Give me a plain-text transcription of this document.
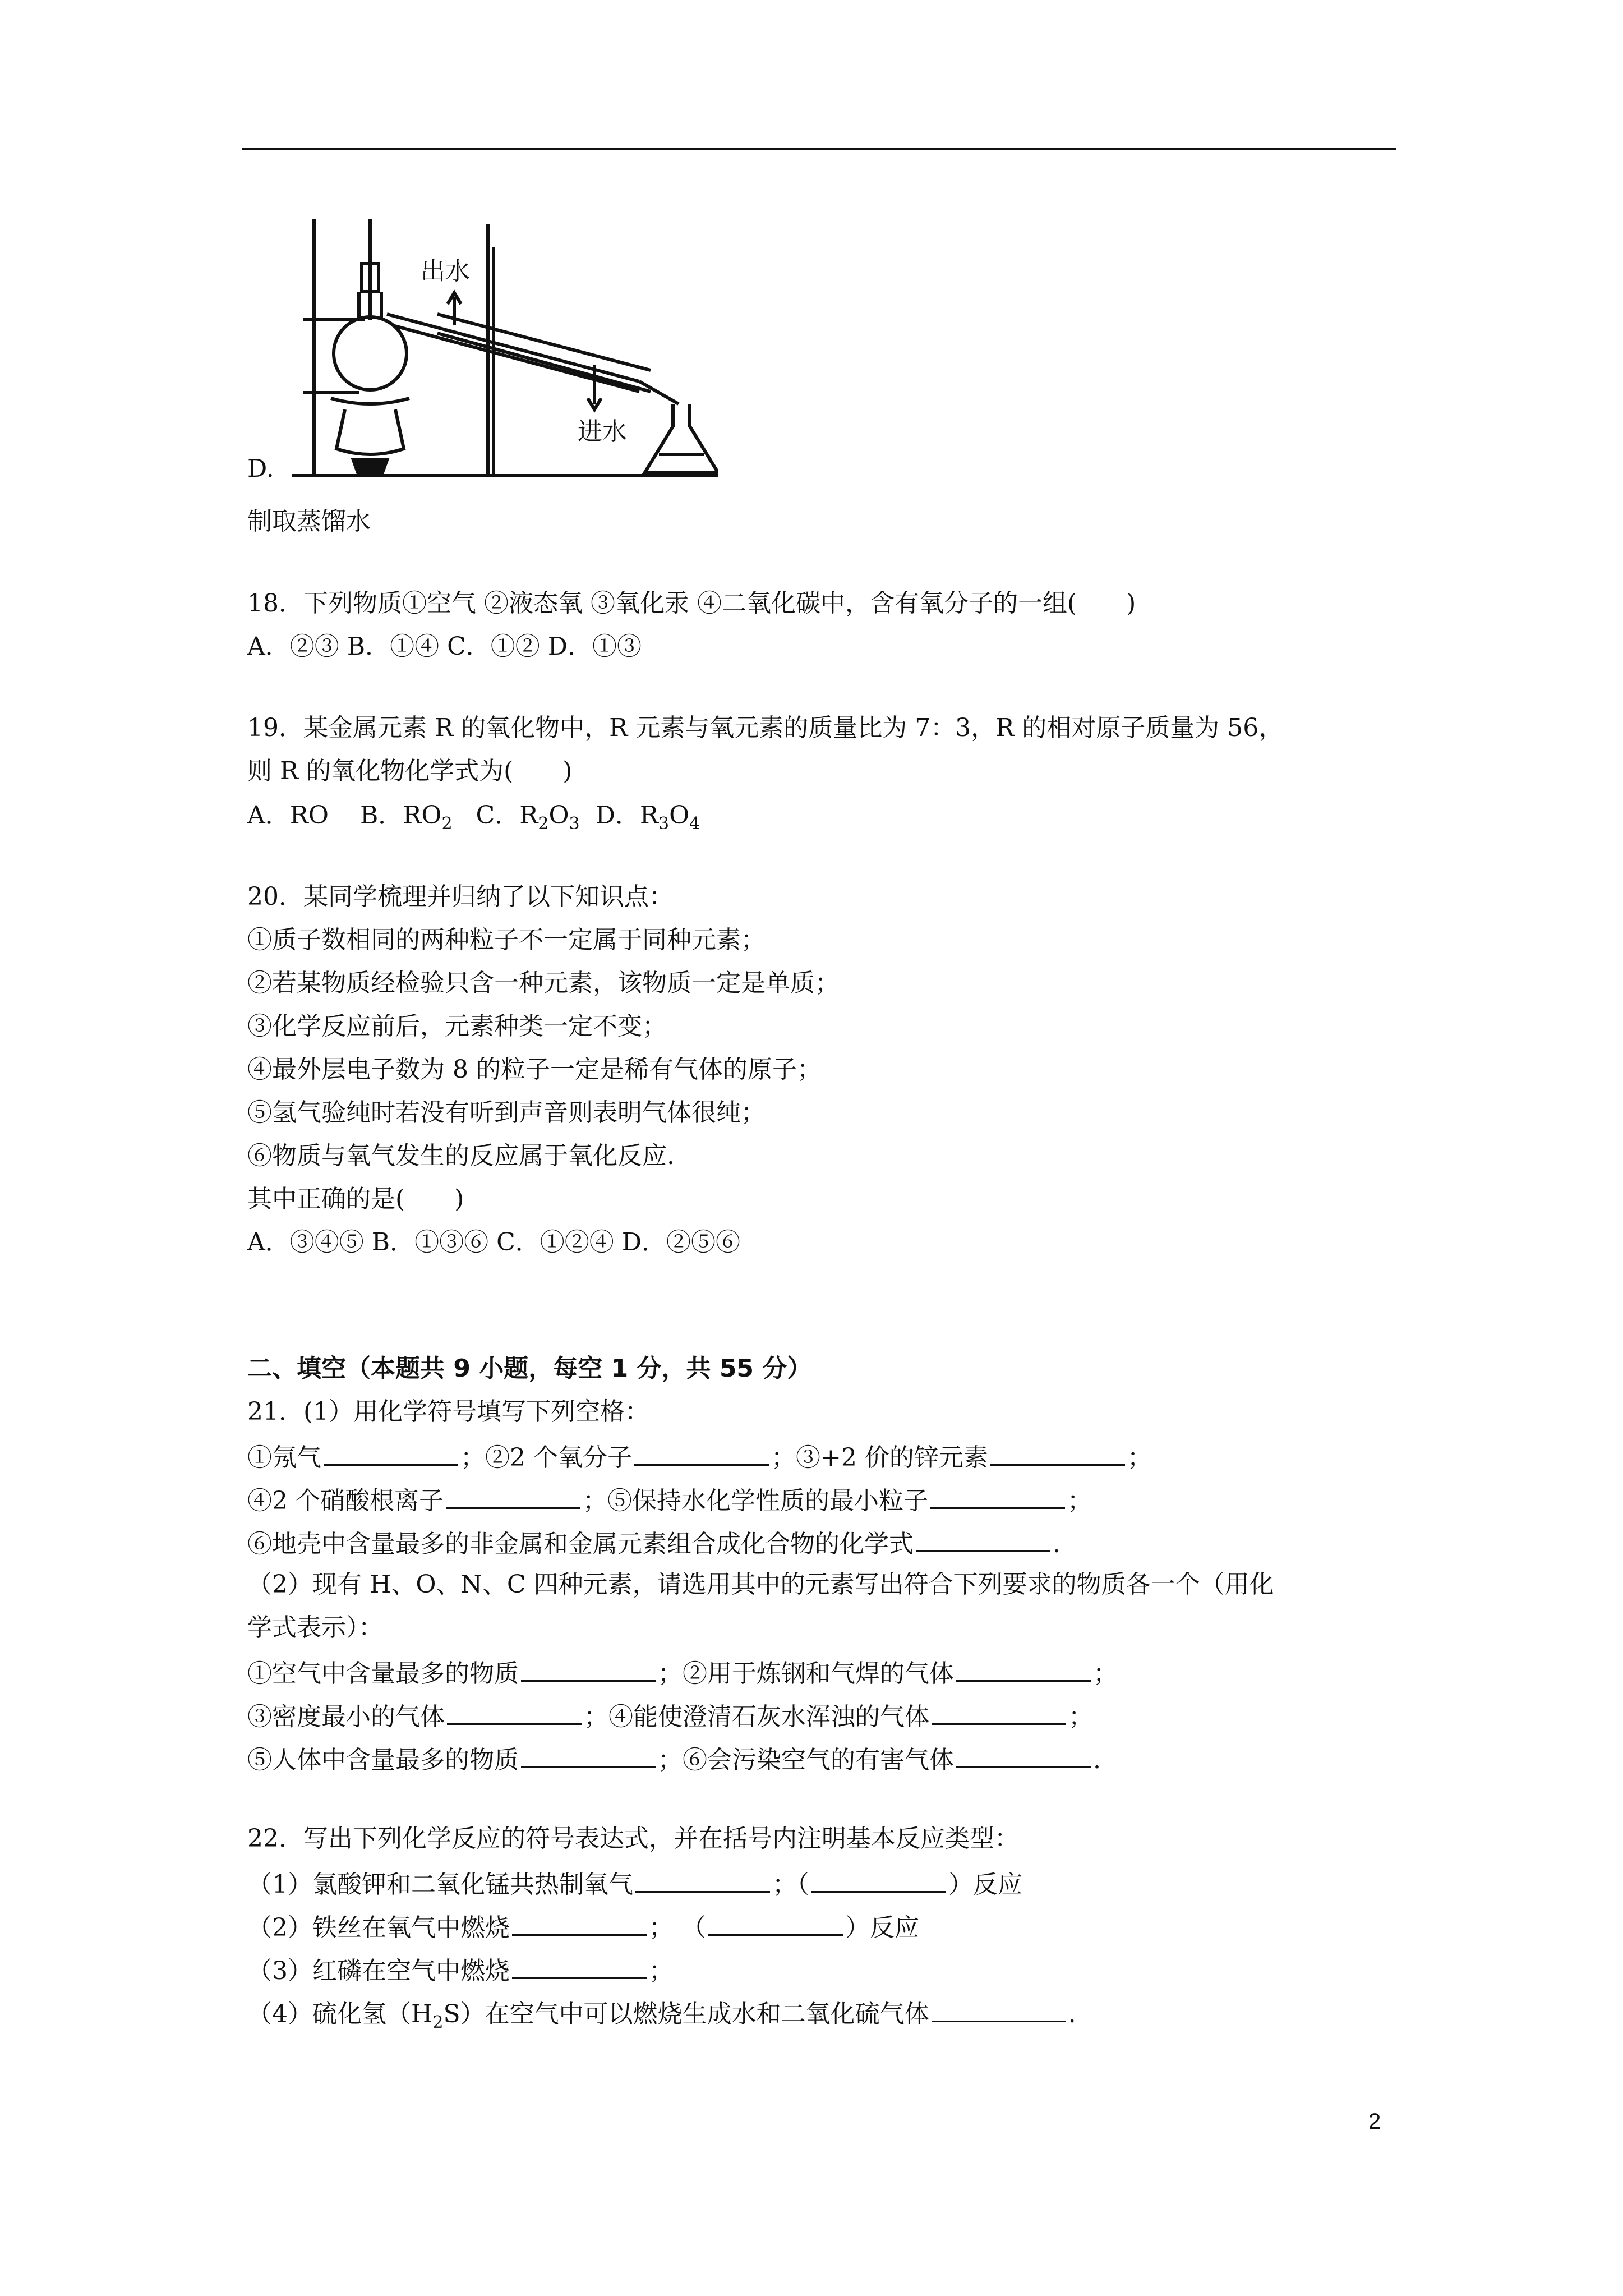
出水
进水
D.
制取蒸馏水
18．下列物质①空气 ②液态氧 ③氧化汞 ④二氧化碳中，含有氧分子的一组(　　)
A．②③ B．①④ C．①② D．①③
19．某金属元素 R 的氧化物中，R 元素与氧元素的质量比为 7：3，R 的相对原子质量为 56，
则 R 的氧化物化学式为(　　)
A．RO B．$RO_2$ C．$R_2O_3$ D．$R_3O_4$
20．某同学梳理并归纳了以下知识点：
①质子数相同的两种粒子不一定属于同种元素；
②若某物质经检验只含一种元素，该物质一定是单质；
③化学反应前后，元素种类一定不变；
④最外层电子数为 8 的粒子一定是稀有气体的原子；
⑤氢气验纯时若没有听到声音则表明气体很纯；
⑥物质与氧气发生的反应属于氧化反应.
其中正确的是(　　)
A．③④⑤ B．①③⑥ C．①②④ D．②⑤⑥
二、填空（本题共 9 小题，每空 1 分，共 55 分）
21．(1）用化学符号填写下列空格：
①氖气	；②2 个氧分子	；③+2 价的锌元素	；
④2 个硝酸根离子	；⑤保持水化学性质的最小粒子	；
⑥地壳中含量最多的非金属和金属元素组合成化合物的化学式	.
（2）现有 H、O、N、C 四种元素，请选用其中的元素写出符合下列要求的物质各一个（用化
学式表示）：
①空气中含量最多的物质	；②用于炼钢和气焊的气体	；
③密度最小的气体	；④能使澄清石灰水浑浊的气体	；
⑤人体中含量最多的物质	；⑥会污染空气的有害气体	.
22．写出下列化学反应的符号表达式，并在括号内注明基本反应类型：
（1）氯酸钾和二氧化锰共热制氧气	；（	）反应
（2）铁丝在氧气中燃烧	； （	）反应
（3）红磷在空气中燃烧	；
（4）硫化氢$(H_2S)$在空气中可以燃烧生成水和二氧化硫气体	.
2
